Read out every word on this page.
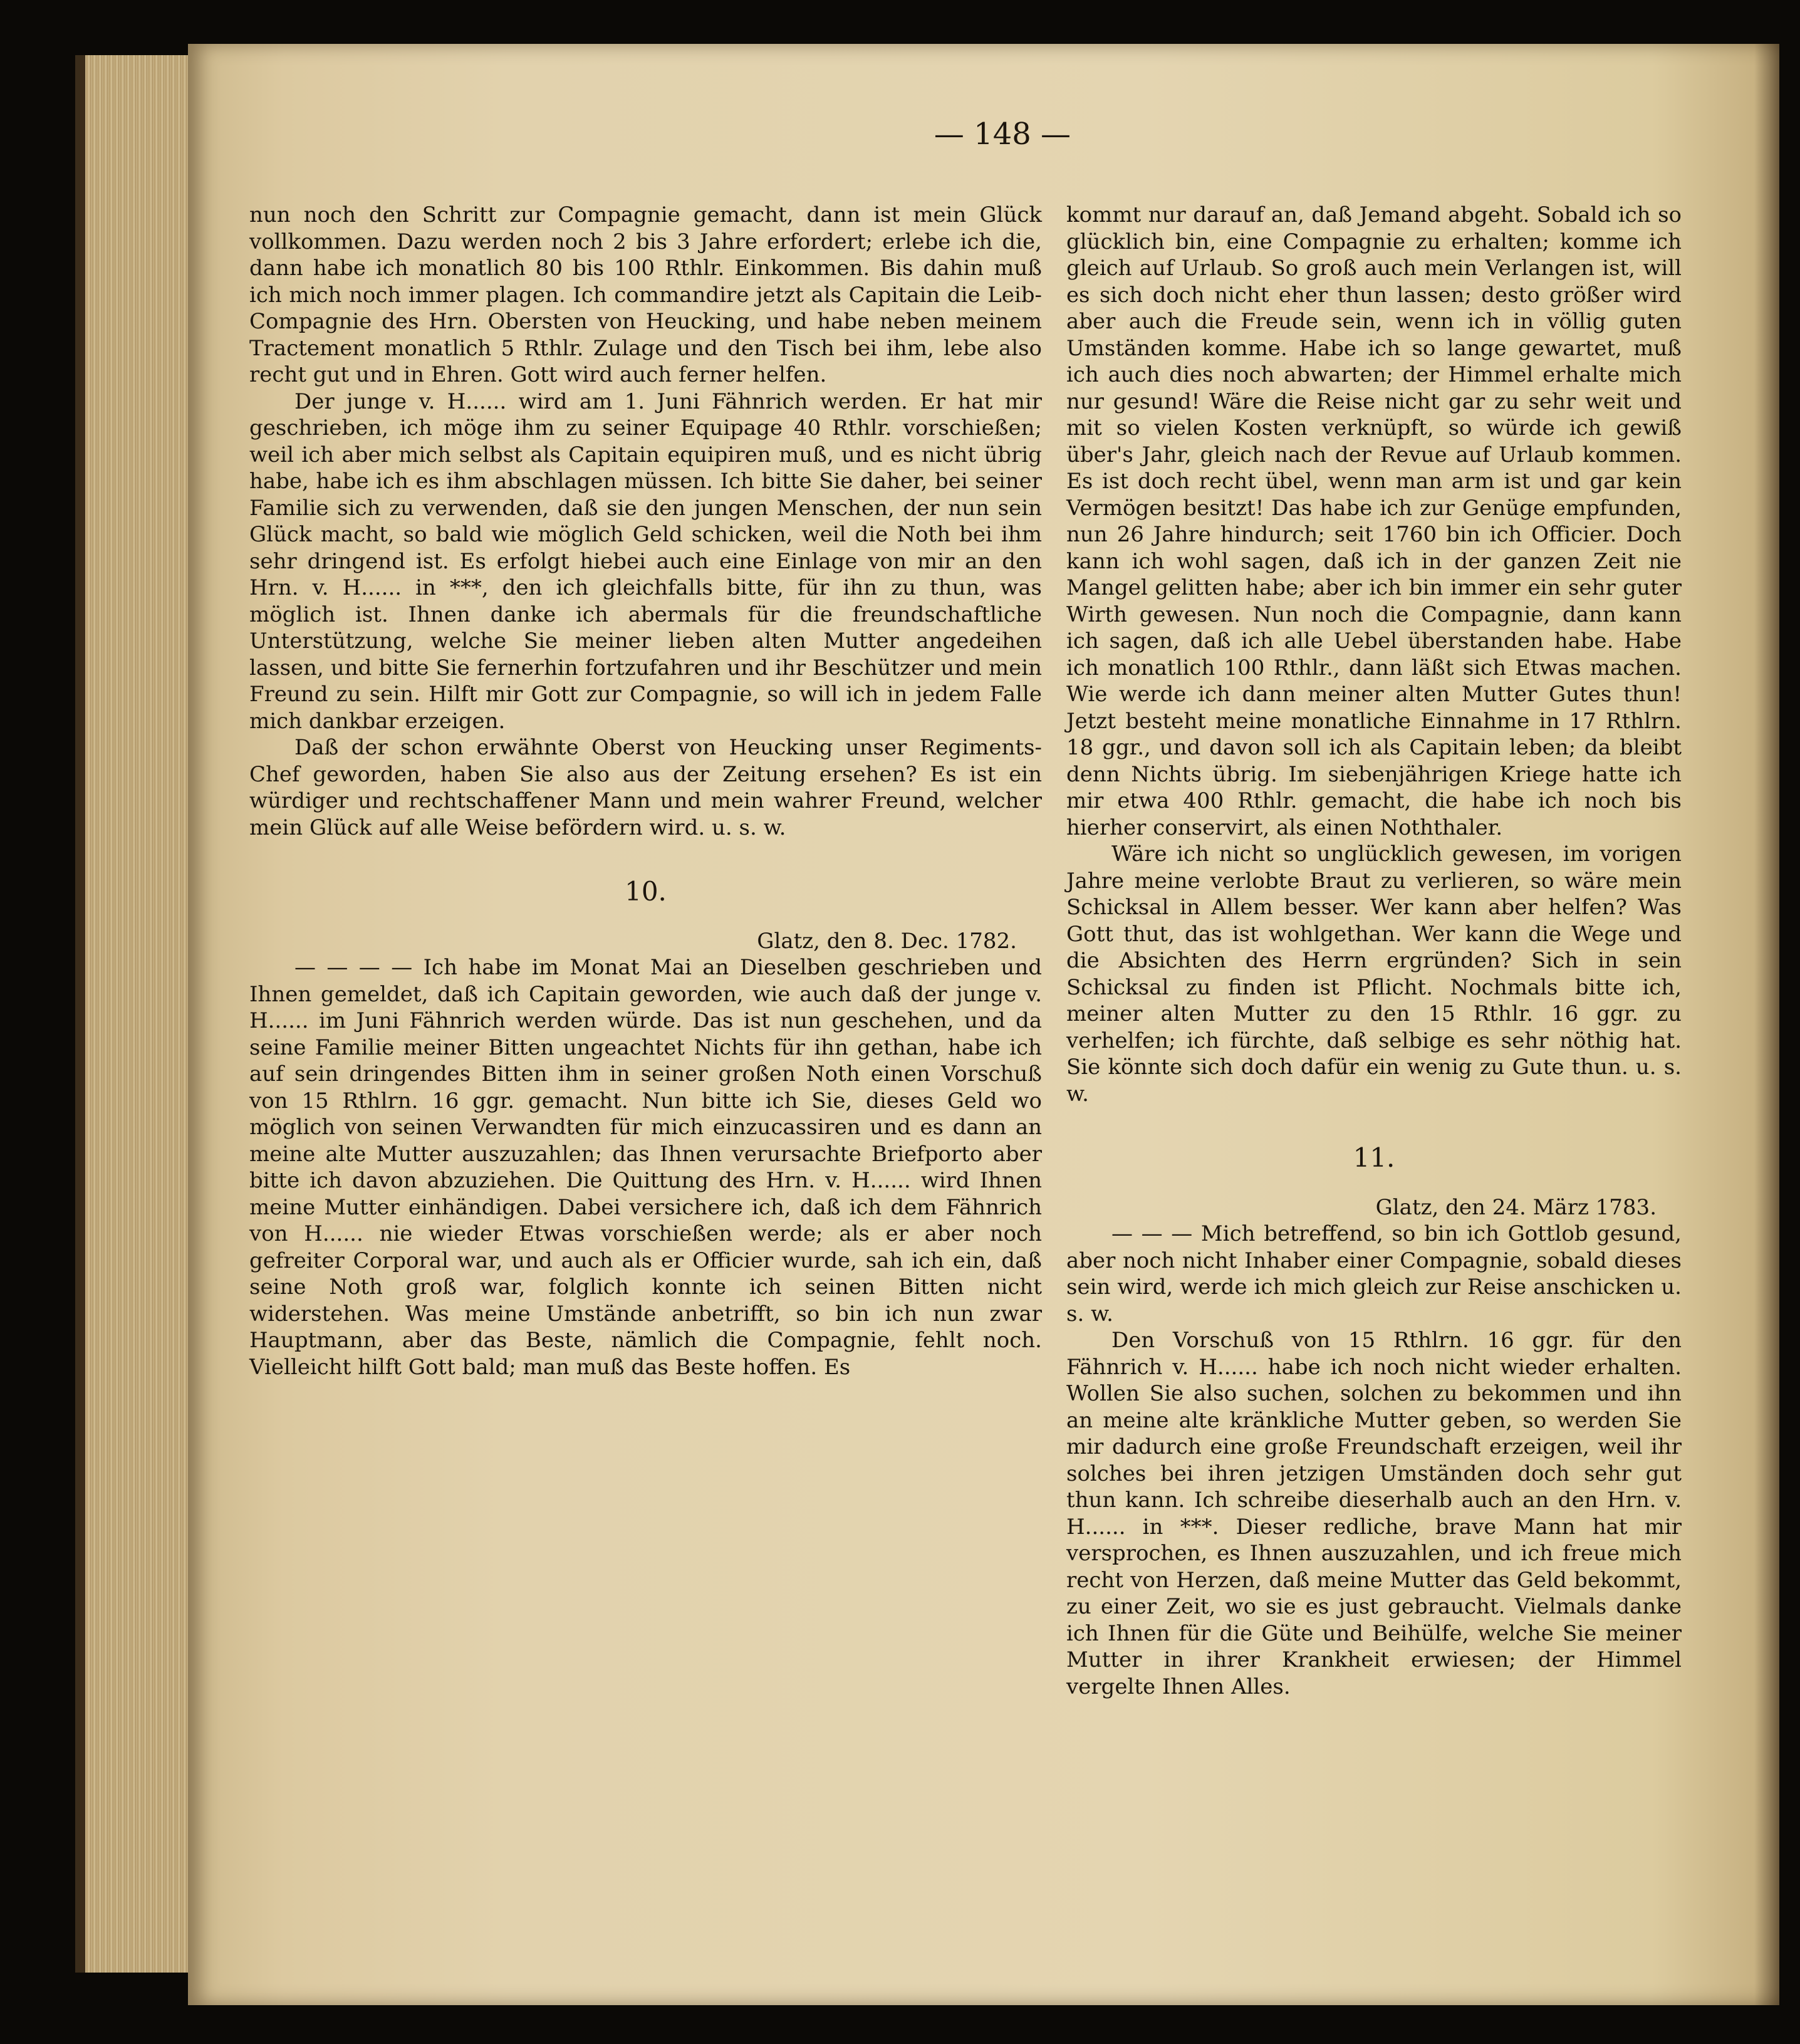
— 148 —

nun noch den Schritt zur Compagnie gemacht, dann ist mein Glück vollkommen. Dazu werden noch 2 bis 3 Jahre erfordert; erlebe ich die, dann habe ich monatlich 80 bis 100 Rthlr. Einkommen. Bis dahin muß ich mich noch immer plagen. Ich commandire jetzt als Capitain die Leib-Compagnie des Hrn. Obersten von Heucking, und habe neben meinem Tractement monatlich 5 Rthlr. Zulage und den Tisch bei ihm, lebe also recht gut und in Ehren. Gott wird auch ferner helfen.

Der junge v. H...... wird am 1. Juni Fähnrich werden. Er hat mir geschrieben, ich möge ihm zu seiner Equipage 40 Rthlr. vorschießen; weil ich aber mich selbst als Capitain equipiren muß, und es nicht übrig habe, habe ich es ihm abschlagen müssen. Ich bitte Sie daher, bei seiner Familie sich zu verwenden, daß sie den jungen Menschen, der nun sein Glück macht, so bald wie möglich Geld schicken, weil die Noth bei ihm sehr dringend ist. Es erfolgt hiebei auch eine Einlage von mir an den Hrn. v. H...... in ***, den ich gleichfalls bitte, für ihn zu thun, was möglich ist. Ihnen danke ich abermals für die freundschaftliche Unterstützung, welche Sie meiner lieben alten Mutter angedeihen lassen, und bitte Sie fernerhin fortzufahren und ihr Beschützer und mein Freund zu sein. Hilft mir Gott zur Compagnie, so will ich in jedem Falle mich dankbar erzeigen.

Daß der schon erwähnte Oberst von Heucking unser Regiments-Chef geworden, haben Sie also aus der Zeitung ersehen? Es ist ein würdiger und rechtschaffener Mann und mein wahrer Freund, welcher mein Glück auf alle Weise befördern wird. u. s. w.

10.

Glatz, den 8. Dec. 1782.

— — — — Ich habe im Monat Mai an Dieselben geschrieben und Ihnen gemeldet, daß ich Capitain geworden, wie auch daß der junge v. H...... im Juni Fähnrich werden würde. Das ist nun geschehen, und da seine Familie meiner Bitten ungeachtet Nichts für ihn gethan, habe ich auf sein dringendes Bitten ihm in seiner großen Noth einen Vorschuß von 15 Rthlrn. 16 ggr. gemacht. Nun bitte ich Sie, dieses Geld wo möglich von seinen Verwandten für mich einzucassiren und es dann an meine alte Mutter auszuzahlen; das Ihnen verursachte Briefporto aber bitte ich davon abzuziehen. Die Quittung des Hrn. v. H...... wird Ihnen meine Mutter einhändigen. Dabei versichere ich, daß ich dem Fähnrich von H...... nie wieder Etwas vorschießen werde; als er aber noch gefreiter Corporal war, und auch als er Officier wurde, sah ich ein, daß seine Noth groß war, folglich konnte ich seinen Bitten nicht widerstehen. Was meine Umstände anbetrifft, so bin ich nun zwar Hauptmann, aber das Beste, nämlich die Compagnie, fehlt noch. Vielleicht hilft Gott bald; man muß das Beste hoffen. Es

kommt nur darauf an, daß Jemand abgeht. Sobald ich so glücklich bin, eine Compagnie zu erhalten; komme ich gleich auf Urlaub. So groß auch mein Verlangen ist, will es sich doch nicht eher thun lassen; desto größer wird aber auch die Freude sein, wenn ich in völlig guten Umständen komme. Habe ich so lange gewartet, muß ich auch dies noch abwarten; der Himmel erhalte mich nur gesund! Wäre die Reise nicht gar zu sehr weit und mit so vielen Kosten verknüpft, so würde ich gewiß über's Jahr, gleich nach der Revue auf Urlaub kommen. Es ist doch recht übel, wenn man arm ist und gar kein Vermögen besitzt! Das habe ich zur Genüge empfunden, nun 26 Jahre hindurch; seit 1760 bin ich Officier. Doch kann ich wohl sagen, daß ich in der ganzen Zeit nie Mangel gelitten habe; aber ich bin immer ein sehr guter Wirth gewesen. Nun noch die Compagnie, dann kann ich sagen, daß ich alle Uebel überstanden habe. Habe ich monatlich 100 Rthlr., dann läßt sich Etwas machen. Wie werde ich dann meiner alten Mutter Gutes thun! Jetzt besteht meine monatliche Einnahme in 17 Rthlrn. 18 ggr., und davon soll ich als Capitain leben; da bleibt denn Nichts übrig. Im siebenjährigen Kriege hatte ich mir etwa 400 Rthlr. gemacht, die habe ich noch bis hierher conservirt, als einen Noththaler.

Wäre ich nicht so unglücklich gewesen, im vorigen Jahre meine verlobte Braut zu verlieren, so wäre mein Schicksal in Allem besser. Wer kann aber helfen? Was Gott thut, das ist wohlgethan. Wer kann die Wege und die Absichten des Herrn ergründen? Sich in sein Schicksal zu finden ist Pflicht. Nochmals bitte ich, meiner alten Mutter zu den 15 Rthlr. 16 ggr. zu verhelfen; ich fürchte, daß selbige es sehr nöthig hat. Sie könnte sich doch dafür ein wenig zu Gute thun. u. s. w.

11.

Glatz, den 24. März 1783.

— — — Mich betreffend, so bin ich Gottlob gesund, aber noch nicht Inhaber einer Compagnie, sobald dieses sein wird, werde ich mich gleich zur Reise anschicken u. s. w.

Den Vorschuß von 15 Rthlrn. 16 ggr. für den Fähnrich v. H...... habe ich noch nicht wieder erhalten. Wollen Sie also suchen, solchen zu bekommen und ihn an meine alte kränkliche Mutter geben, so werden Sie mir dadurch eine große Freundschaft erzeigen, weil ihr solches bei ihren jetzigen Umständen doch sehr gut thun kann. Ich schreibe dieserhalb auch an den Hrn. v. H...... in ***. Dieser redliche, brave Mann hat mir versprochen, es Ihnen auszuzahlen, und ich freue mich recht von Herzen, daß meine Mutter das Geld bekommt, zu einer Zeit, wo sie es just gebraucht. Vielmals danke ich Ihnen für die Güte und Beihülfe, welche Sie meiner Mutter in ihrer Krankheit erwiesen; der Himmel vergelte Ihnen Alles.
